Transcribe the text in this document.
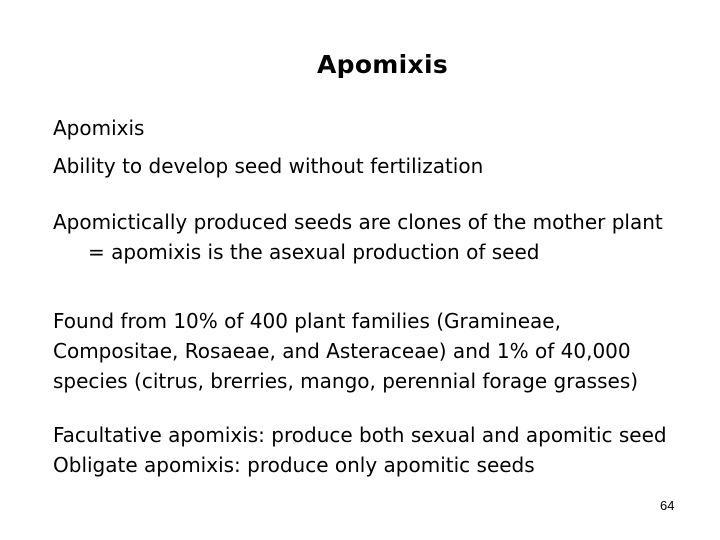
Apomixis

Apomixis

Ability to develop seed without fertilization

Apomictically produced seeds are clones of the mother plant

= apomixis is the asexual production of seed

Found from 10% of 400 plant families (Gramineae,

Compositae, Rosaeae, and Asteraceae) and 1% of 40,000

species (citrus, brerries, mango, perennial forage grasses)

Facultative apomixis: produce both sexual and apomitic seed

Obligate apomixis: produce only apomitic seeds

64
